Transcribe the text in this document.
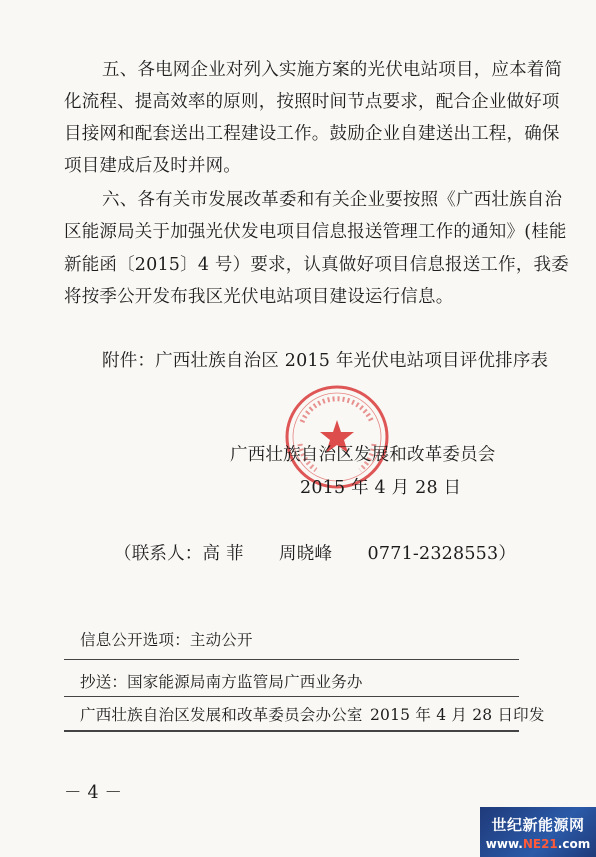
五、各电网企业对列入实施方案的光伏电站项目，应本着简
化流程、提高效率的原则，按照时间节点要求，配合企业做好项
目接网和配套送出工程建设工作。鼓励企业自建送出工程，确保
项目建成后及时并网。
六、各有关市发展改革委和有关企业要按照《广西壮族自治
区能源局关于加强光伏发电项目信息报送管理工作的通知》(桂能
新能函〔2015〕4 号）要求，认真做好项目信息报送工作，我委
将按季公开发布我区光伏电站项目建设运行信息。
附件：广西壮族自治区 2015 年光伏电站项目评优排序表
广西壮族自治区发展和改革委员会
2015 年 4 月 28 日
（联系人：高 菲　　周晓峰　　0771-2328553）
信息公开选项：主动公开
抄送：国家能源局南方监管局广西业务办
广西壮族自治区发展和改革委员会办公室 2015 年 4 月 28 日印发
－ 4 －
世纪新能源网
www.NE21.com
